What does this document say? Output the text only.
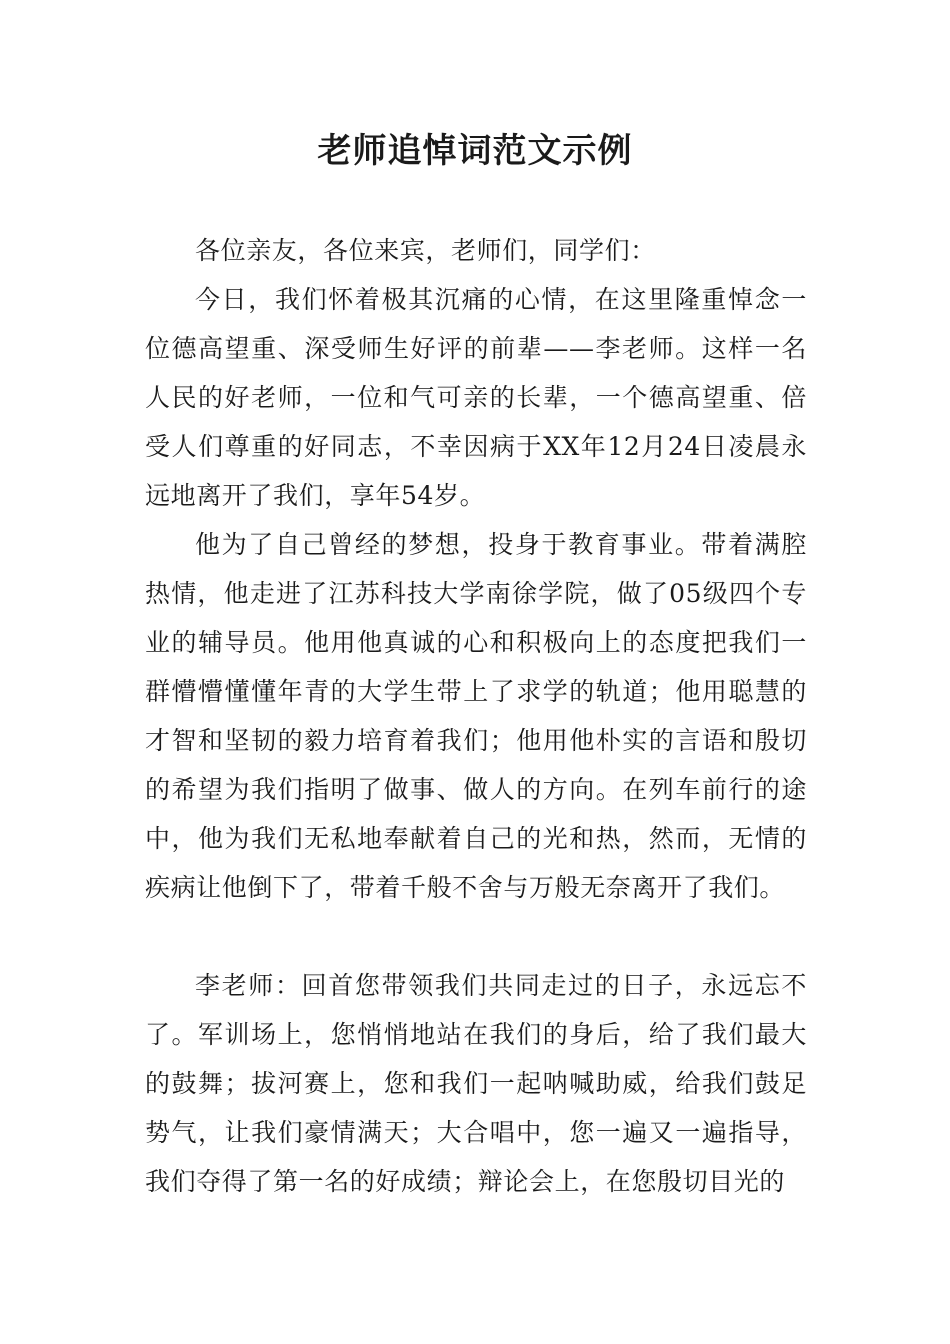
老师追悼词范文示例

各位亲友，各位来宾，老师们，同学们：

今日，我们怀着极其沉痛的心情，在这里隆重悼念一位德高望重、深受师生好评的前辈——李老师。这样一名人民的好老师，一位和气可亲的长辈，一个德高望重、倍受人们尊重的好同志，不幸因病于XX年12月24日凌晨永远地离开了我们，享年54岁。

他为了自己曾经的梦想，投身于教育事业。带着满腔热情，他走进了江苏科技大学南徐学院，做了05级四个专业的辅导员。他用他真诚的心和积极向上的态度把我们一群懵懵懂懂年青的大学生带上了求学的轨道；他用聪慧的才智和坚韧的毅力培育着我们；他用他朴实的言语和殷切的希望为我们指明了做事、做人的方向。在列车前行的途中，他为我们无私地奉献着自己的光和热，然而，无情的疾病让他倒下了，带着千般不舍与万般无奈离开了我们。

李老师：回首您带领我们共同走过的日子，永远忘不了。军训场上，您悄悄地站在我们的身后，给了我们最大的鼓舞；拔河赛上，您和我们一起呐喊助威，给我们鼓足势气，让我们豪情满天；大合唱中，您一遍又一遍指导，我们夺得了第一名的好成绩；辩论会上，在您殷切目光的
